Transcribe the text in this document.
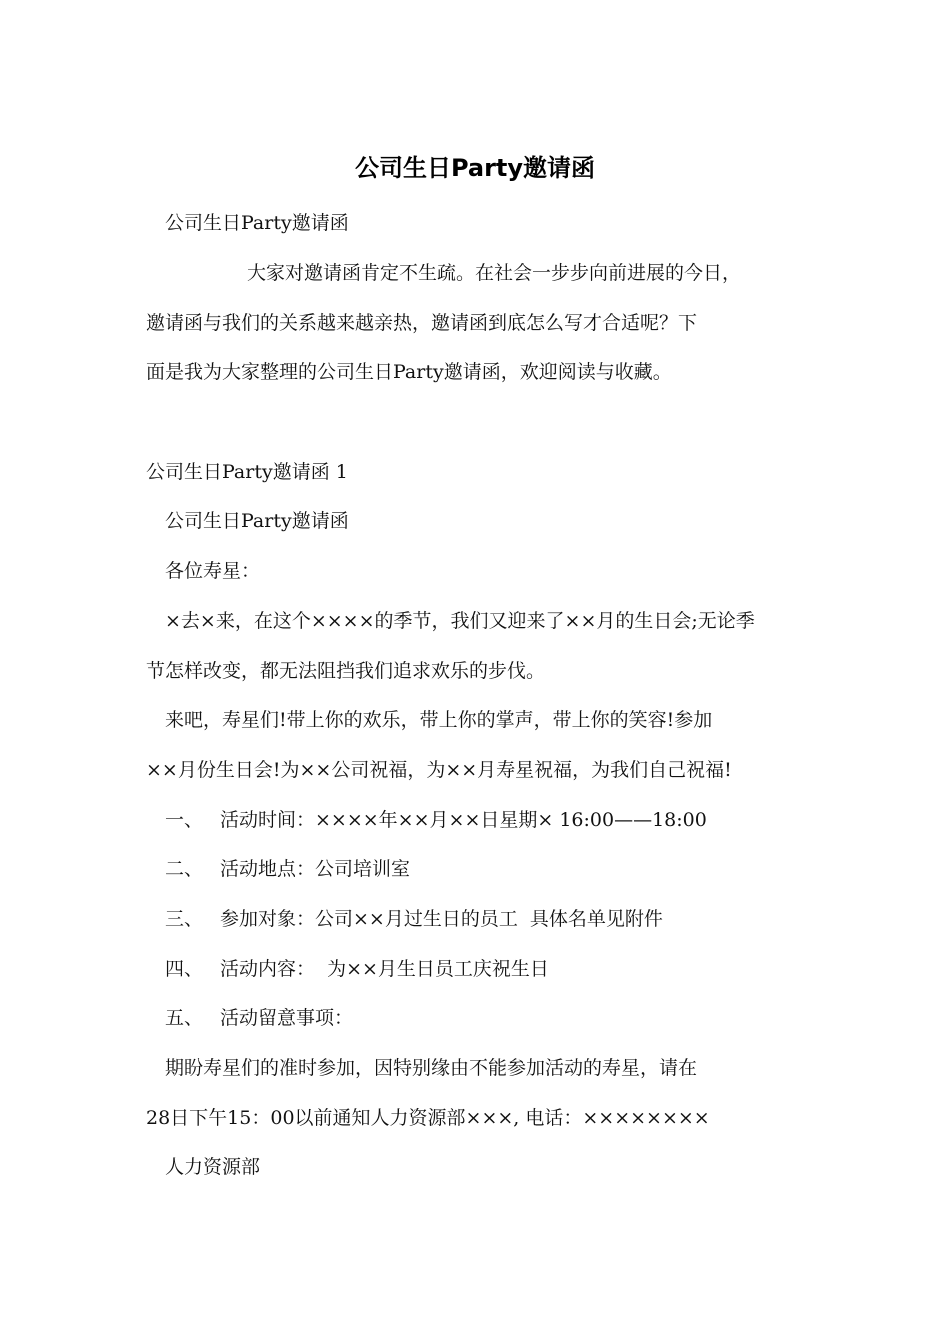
公司生日Party邀请函
公司生日Party邀请函
大家对邀请函肯定不生疏。在社会一步步向前进展的今日，
邀请函与我们的关系越来越亲热，邀请函到底怎么写才合适呢？下
面是我为大家整理的公司生日Party邀请函，欢迎阅读与收藏。
公司生日Party邀请函 1
公司生日Party邀请函
各位寿星：
×去×来，在这个××××的季节，我们又迎来了××月的生日会;无论季
节怎样改变，都无法阻挡我们追求欢乐的步伐。
来吧，寿星们!带上你的欢乐，带上你的掌声，带上你的笑容!参加
××月份生日会!为××公司祝福，为××月寿星祝福，为我们自己祝福!
一、 活动时间：××××年××月××日星期× 16:00——18:00
二、 活动地点：公司培训室
三、 参加对象：公司××月过生日的员工  具体名单见附件
四、 活动内容：  为××月生日员工庆祝生日
五、 活动留意事项：
期盼寿星们的准时参加，因特别缘由不能参加活动的寿星，请在
28日下午15：00以前通知人力资源部×××, 电话：××××××××
人力资源部
